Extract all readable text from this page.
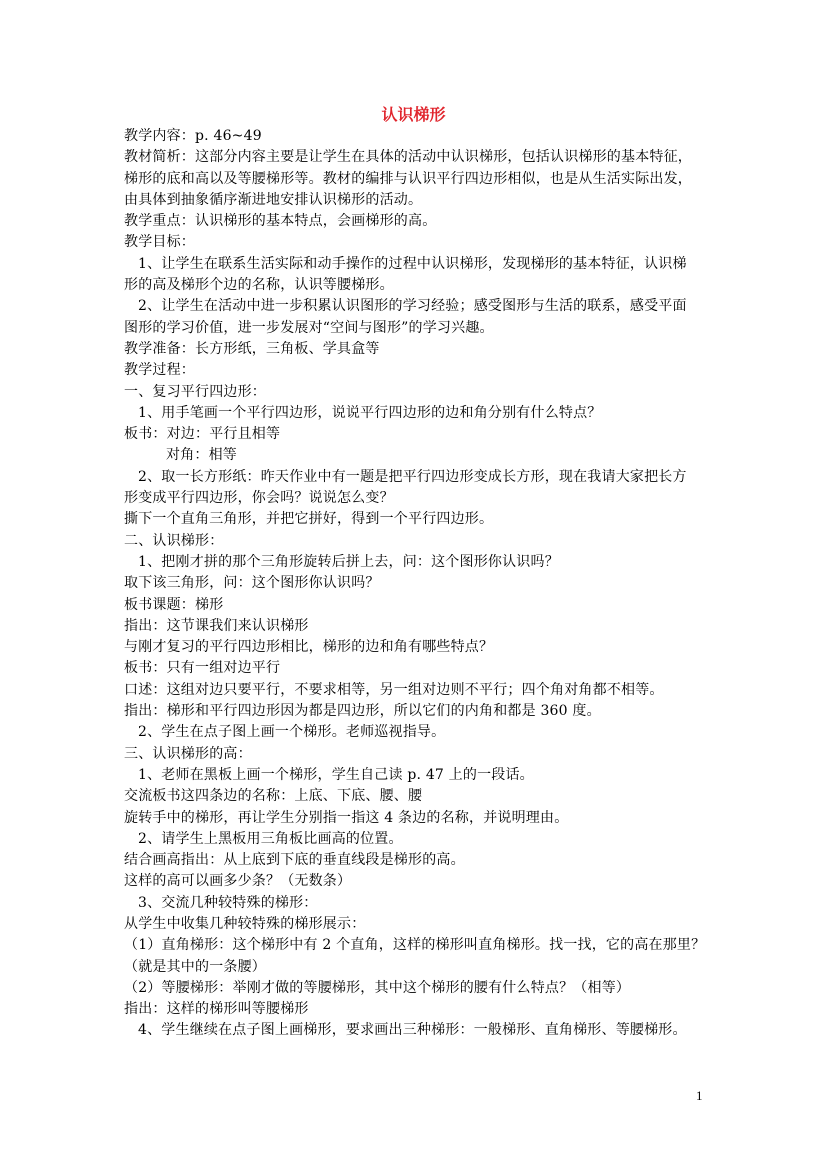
认识梯形
教学内容：p. 46~49
教材简析：这部分内容主要是让学生在具体的活动中认识梯形，包括认识梯形的基本特征，
梯形的底和高以及等腰梯形等。教材的编排与认识平行四边形相似，也是从生活实际出发，
由具体到抽象循序渐进地安排认识梯形的活动。
教学重点：认识梯形的基本特点，会画梯形的高。
教学目标：
1、让学生在联系生活实际和动手操作的过程中认识梯形，发现梯形的基本特征，认识梯
形的高及梯形个边的名称，认识等腰梯形。
2、让学生在活动中进一步积累认识图形的学习经验；感受图形与生活的联系，感受平面
图形的学习价值，进一步发展对“空间与图形”的学习兴趣。
教学准备：长方形纸，三角板、学具盒等
教学过程：
一、复习平行四边形：
1、用手笔画一个平行四边形，说说平行四边形的边和角分别有什么特点？
板书：对边：平行且相等
对角：相等
2、取一长方形纸：昨天作业中有一题是把平行四边形变成长方形，现在我请大家把长方
形变成平行四边形，你会吗？说说怎么变？
撕下一个直角三角形，并把它拼好，得到一个平行四边形。
二、认识梯形：
1、把刚才拼的那个三角形旋转后拼上去，问：这个图形你认识吗？
取下该三角形，问：这个图形你认识吗？
板书课题：梯形
指出：这节课我们来认识梯形
与刚才复习的平行四边形相比，梯形的边和角有哪些特点？
板书：只有一组对边平行
口述：这组对边只要平行，不要求相等，另一组对边则不平行；四个角对角都不相等。
指出：梯形和平行四边形因为都是四边形，所以它们的内角和都是 360 度。
2、学生在点子图上画一个梯形。老师巡视指导。
三、认识梯形的高：
1、老师在黑板上画一个梯形，学生自己读 p. 47 上的一段话。
交流板书这四条边的名称：上底、下底、腰、腰
旋转手中的梯形，再让学生分别指一指这 4 条边的名称，并说明理由。
2、请学生上黑板用三角板比画高的位置。
结合画高指出：从上底到下底的垂直线段是梯形的高。
这样的高可以画多少条？（无数条）
3、交流几种较特殊的梯形：
从学生中收集几种较特殊的梯形展示：
（1）直角梯形：这个梯形中有 2 个直角，这样的梯形叫直角梯形。找一找，它的高在那里？
（就是其中的一条腰）
（2）等腰梯形：举刚才做的等腰梯形，其中这个梯形的腰有什么特点？（相等）
指出：这样的梯形叫等腰梯形
4、学生继续在点子图上画梯形，要求画出三种梯形：一般梯形、直角梯形、等腰梯形。
1
